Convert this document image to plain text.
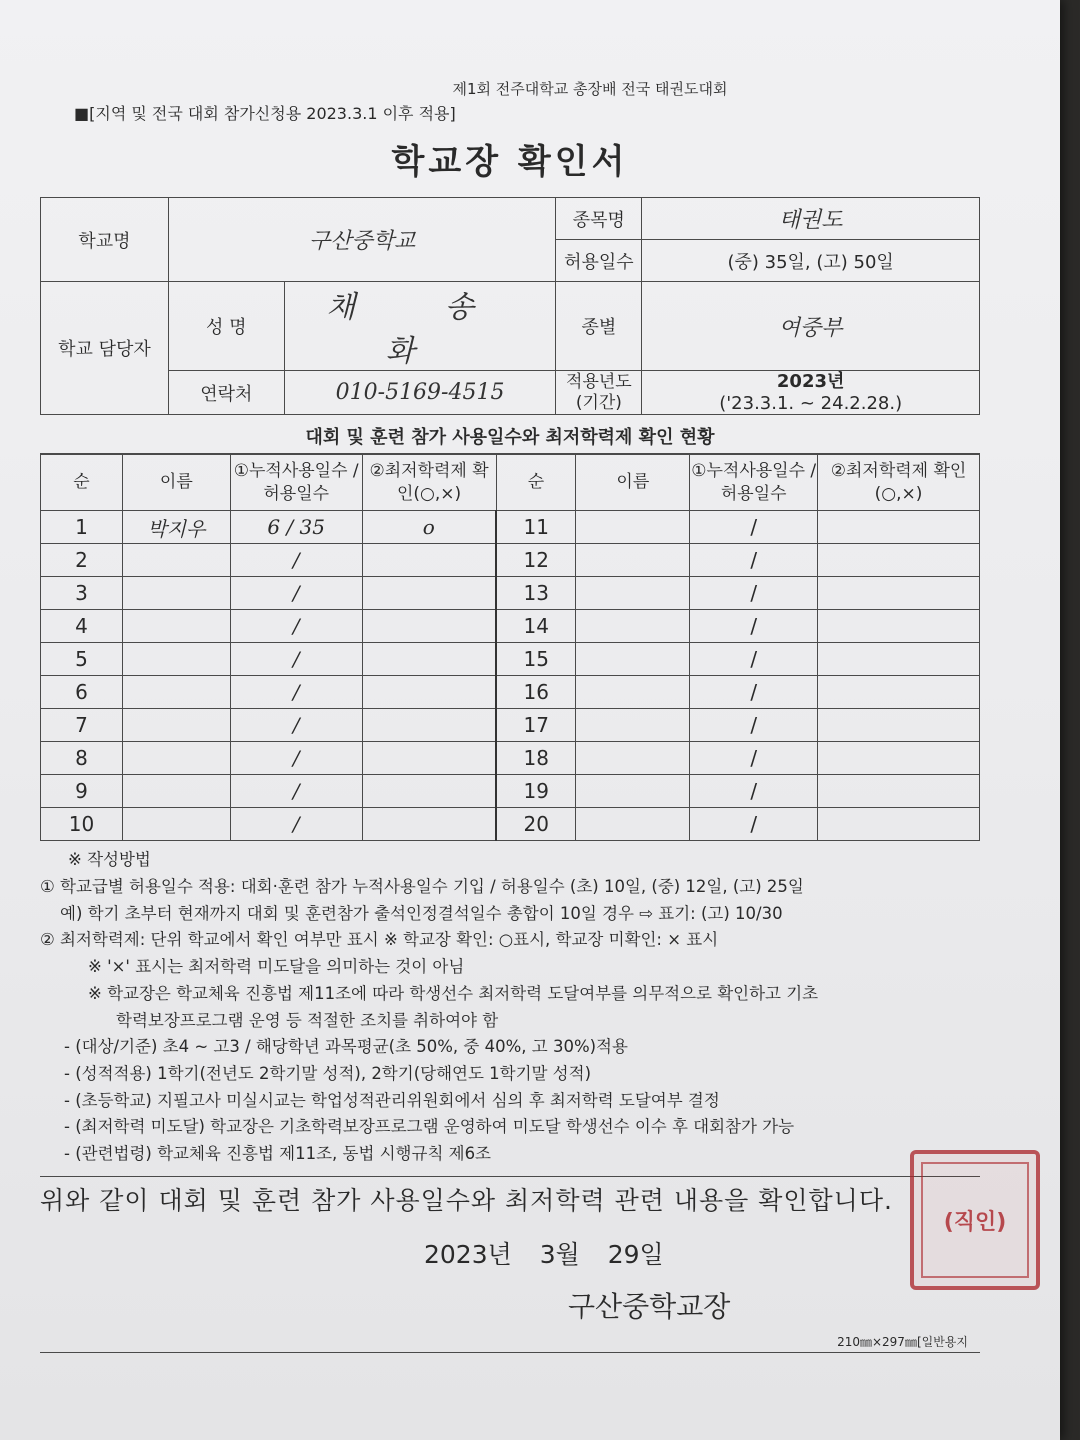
제1회 전주대학교 총장배 전국 태권도대회
■[지역 및 전국 대회 참가신청용 2023.3.1 이후 적용]
학교장 확인서
학교명	구산중학교		종목명	태권도
			허용일수	(중) 35일, (고) 50일
학교 담당자	성 명	채 송 화	종별	여중부
	연락처	010-5169-4515	적용년도 (기간)	2023년
('23.3.1. ~ 24.2.28.)
대회 및 훈련 참가 사용일수와 최저학력제 확인 현황
순	이름	①누적사용일수 /허용일수	②최저학력제 확인(○,×)	순	이름	①누적사용일수 /허용일수	②최저학력제 확인(○,×)
1	박지우	6 / 35	o	11		/	
2		/		12		/	
3		/		13		/	
4		/		14		/	
5		/		15		/	
6		/		16		/	
7		/		17		/	
8		/		18		/	
9		/		19		/	
10		/		20		/	
※ 작성방법
① 학교급별 허용일수 적용: 대회·훈련 참가 누적사용일수 기입 / 허용일수 (초) 10일, (중) 12일, (고) 25일
예) 학기 초부터 현재까지 대회 및 훈련참가 출석인정결석일수 총합이 10일 경우 ⇨ 표기: (고) 10/30
② 최저학력제: 단위 학교에서 확인 여부만 표시 ※ 학교장 확인: ○표시, 학교장 미확인: × 표시
※ '×' 표시는 최저학력 미도달을 의미하는 것이 아님
※ 학교장은 학교체육 진흥법 제11조에 따라 학생선수 최저학력 도달여부를 의무적으로 확인하고 기초
학력보장프로그램 운영 등 적절한 조치를 취하여야 함
- (대상/기준) 초4 ~ 고3 / 해당학년 과목평균(초 50%, 중 40%, 고 30%)적용
- (성적적용) 1학기(전년도 2학기말 성적), 2학기(당해연도 1학기말 성적)
- (초등학교) 지필고사 미실시교는 학업성적관리위원회에서 심의 후 최저학력 도달여부 결정
- (최저학력 미도달) 학교장은 기초학력보장프로그램 운영하여 미도달 학생선수 이수 후 대회참가 가능
- (관련법령) 학교체육 진흥법 제11조, 동법 시행규칙 제6조
위와 같이 대회 및 훈련 참가 사용일수와 최저학력 관련 내용을 확인합니다.
2023년 3월 29일
구산중학교장
210㎜×297㎜[일반용지
(직인)
